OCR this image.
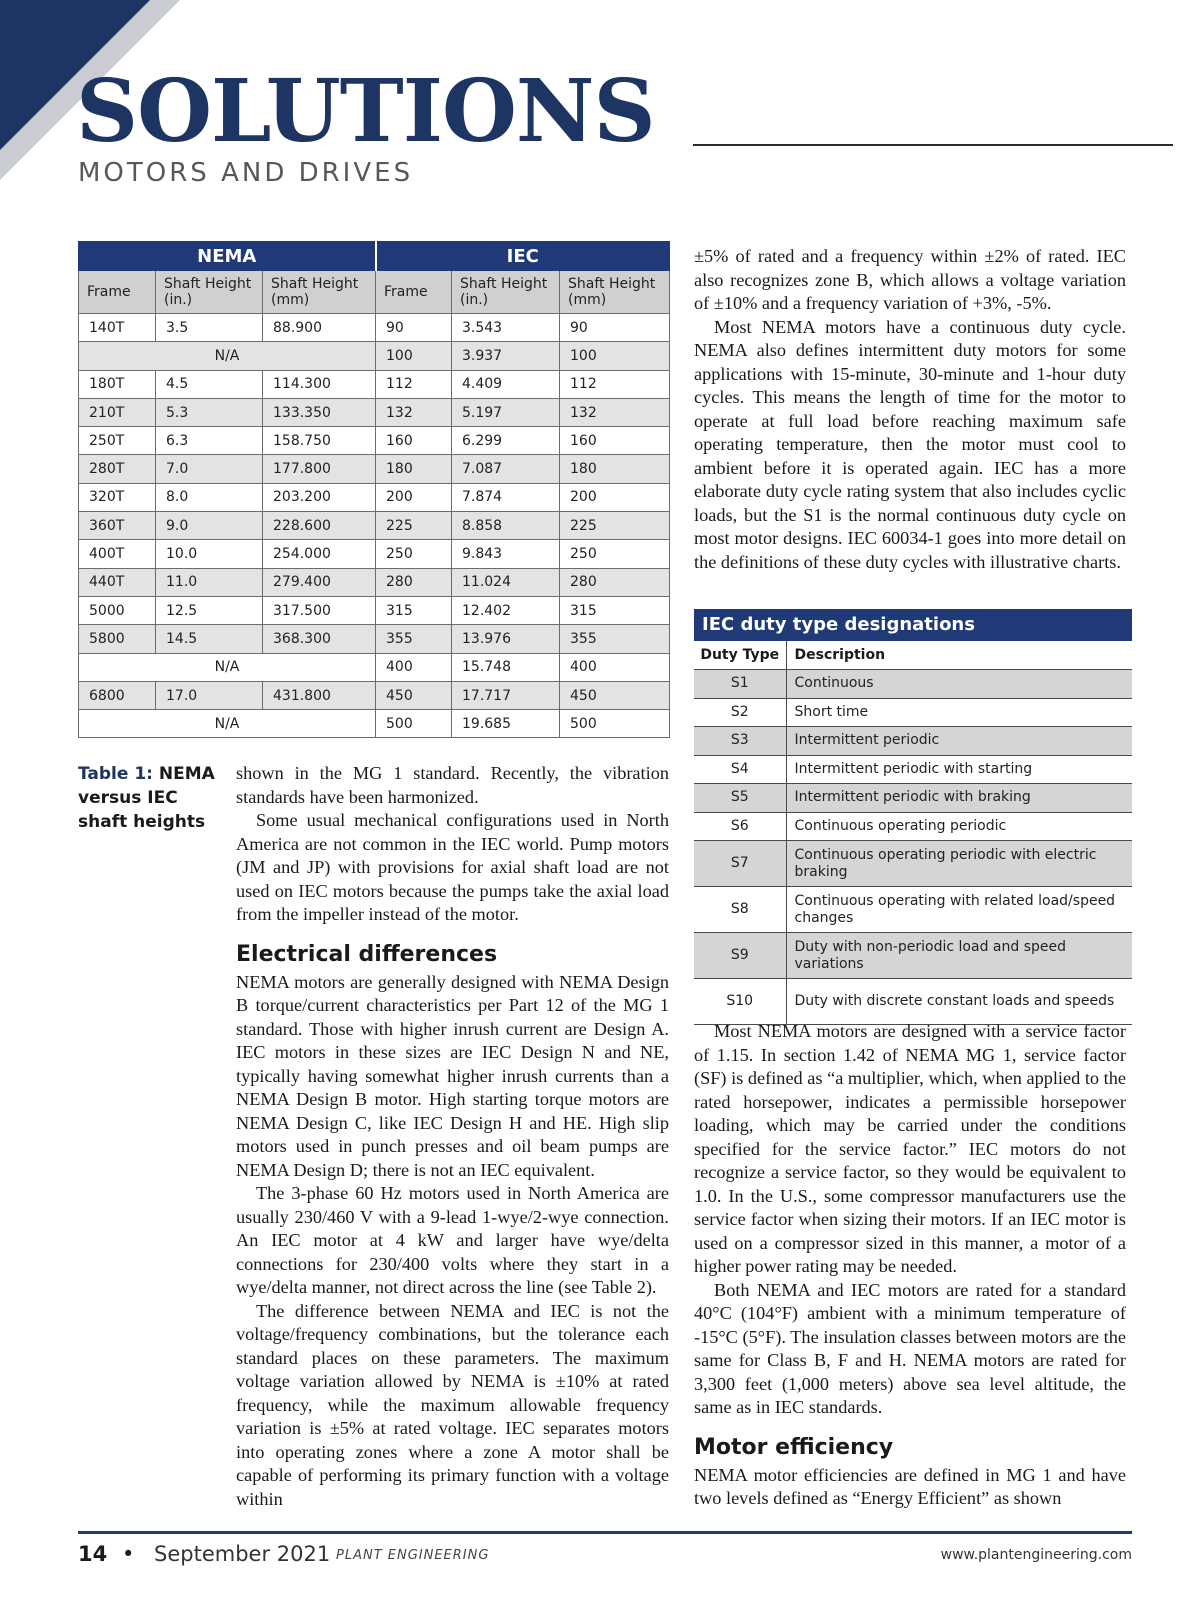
SOLUTIONS
MOTORS AND DRIVES
NEMA			IEC		
Frame	Shaft Height (in.)	Shaft Height (mm)	Frame	Shaft Height (in.)	Shaft Height (mm)
140T	3.5	88.900	90	3.543	90
N/A			100	3.937	100
180T	4.5	114.300	112	4.409	112
210T	5.3	133.350	132	5.197	132
250T	6.3	158.750	160	6.299	160
280T	7.0	177.800	180	7.087	180
320T	8.0	203.200	200	7.874	200
360T	9.0	228.600	225	8.858	225
400T	10.0	254.000	250	9.843	250
440T	11.0	279.400	280	11.024	280
5000	12.5	317.500	315	12.402	315
5800	14.5	368.300	355	13.976	355
N/A			400	15.748	400
6800	17.0	431.800	450	17.717	450
N/A			500	19.685	500

Table 1: NEMA versus IEC shaft heights

shown in the MG 1 standard. Recently, the vibration standards have been harmonized.

Some usual mechanical configurations used in North America are not common in the IEC world. Pump motors (JM and JP) with provisions for axial shaft load are not used on IEC motors because the pumps take the axial load from the impeller instead of the motor.

Electrical differences

NEMA motors are generally designed with NEMA Design B torque/current characteristics per Part 12 of the MG 1 standard. Those with higher inrush current are Design A. IEC motors in these sizes are IEC Design N and NE, typically having somewhat higher inrush currents than a NEMA Design B motor. High starting torque motors are NEMA Design C, like IEC Design H and HE. High slip motors used in punch presses and oil beam pumps are NEMA Design D; there is not an IEC equivalent.

The 3-phase 60 Hz motors used in North America are usually 230/460 V with a 9-lead 1-wye/2-wye connection. An IEC motor at 4 kW and larger have wye/delta connections for 230/400 volts where they start in a wye/delta manner, not direct across the line (see Table 2).

The difference between NEMA and IEC is not the voltage/frequency combinations, but the tolerance each standard places on these parameters. The maximum voltage variation allowed by NEMA is ±10% at rated frequency, while the maximum allowable frequency variation is ±5% at rated voltage. IEC separates motors into operating zones where a zone A motor shall be capable of performing its primary function with a voltage within

±5% of rated and a frequency within ±2% of rated. IEC also recognizes zone B, which allows a voltage variation of ±10% and a frequency variation of +3%, -5%.

Most NEMA motors have a continuous duty cycle. NEMA also defines intermittent duty motors for some applications with 15-minute, 30-minute and 1-hour duty cycles. This means the length of time for the motor to operate at full load before reaching maximum safe operating temperature, then the motor must cool to ambient before it is operated again. IEC has a more elaborate duty cycle rating system that also includes cyclic loads, but the S1 is the normal continuous duty cycle on most motor designs. IEC 60034-1 goes into more detail on the definitions of these duty cycles with illustrative charts.

IEC duty type designations
Duty Type	Description
S1	Continuous
S2	Short time
S3	Intermittent periodic
S4	Intermittent periodic with starting
S5	Intermittent periodic with braking
S6	Continuous operating periodic
S7	Continuous operating periodic with electric braking
S8	Continuous operating with related load/speed changes
S9	Duty with non-periodic load and speed variations
S10	Duty with discrete constant loads and speeds

Most NEMA motors are designed with a service factor of 1.15. In section 1.42 of NEMA MG 1, service factor (SF) is defined as “a multiplier, which, when applied to the rated horsepower, indicates a permissible horsepower loading, which may be carried under the conditions specified for the service factor.” IEC motors do not recognize a service factor, so they would be equivalent to 1.0. In the U.S., some compressor manufacturers use the service factor when sizing their motors. If an IEC motor is used on a compressor sized in this manner, a motor of a higher power rating may be needed.

Both NEMA and IEC motors are rated for a standard 40°C (104°F) ambient with a minimum temperature of -15°C (5°F). The insulation classes between motors are the same for Class B, F and H. NEMA motors are rated for 3,300 feet (1,000 meters) above sea level altitude, the same as in IEC standards.

Motor efficiency

NEMA motor efficiencies are defined in MG 1 and have two levels defined as “Energy Efficient” as shown

14 • September 2021 PLANT ENGINEERING	www.plantengineering.com
